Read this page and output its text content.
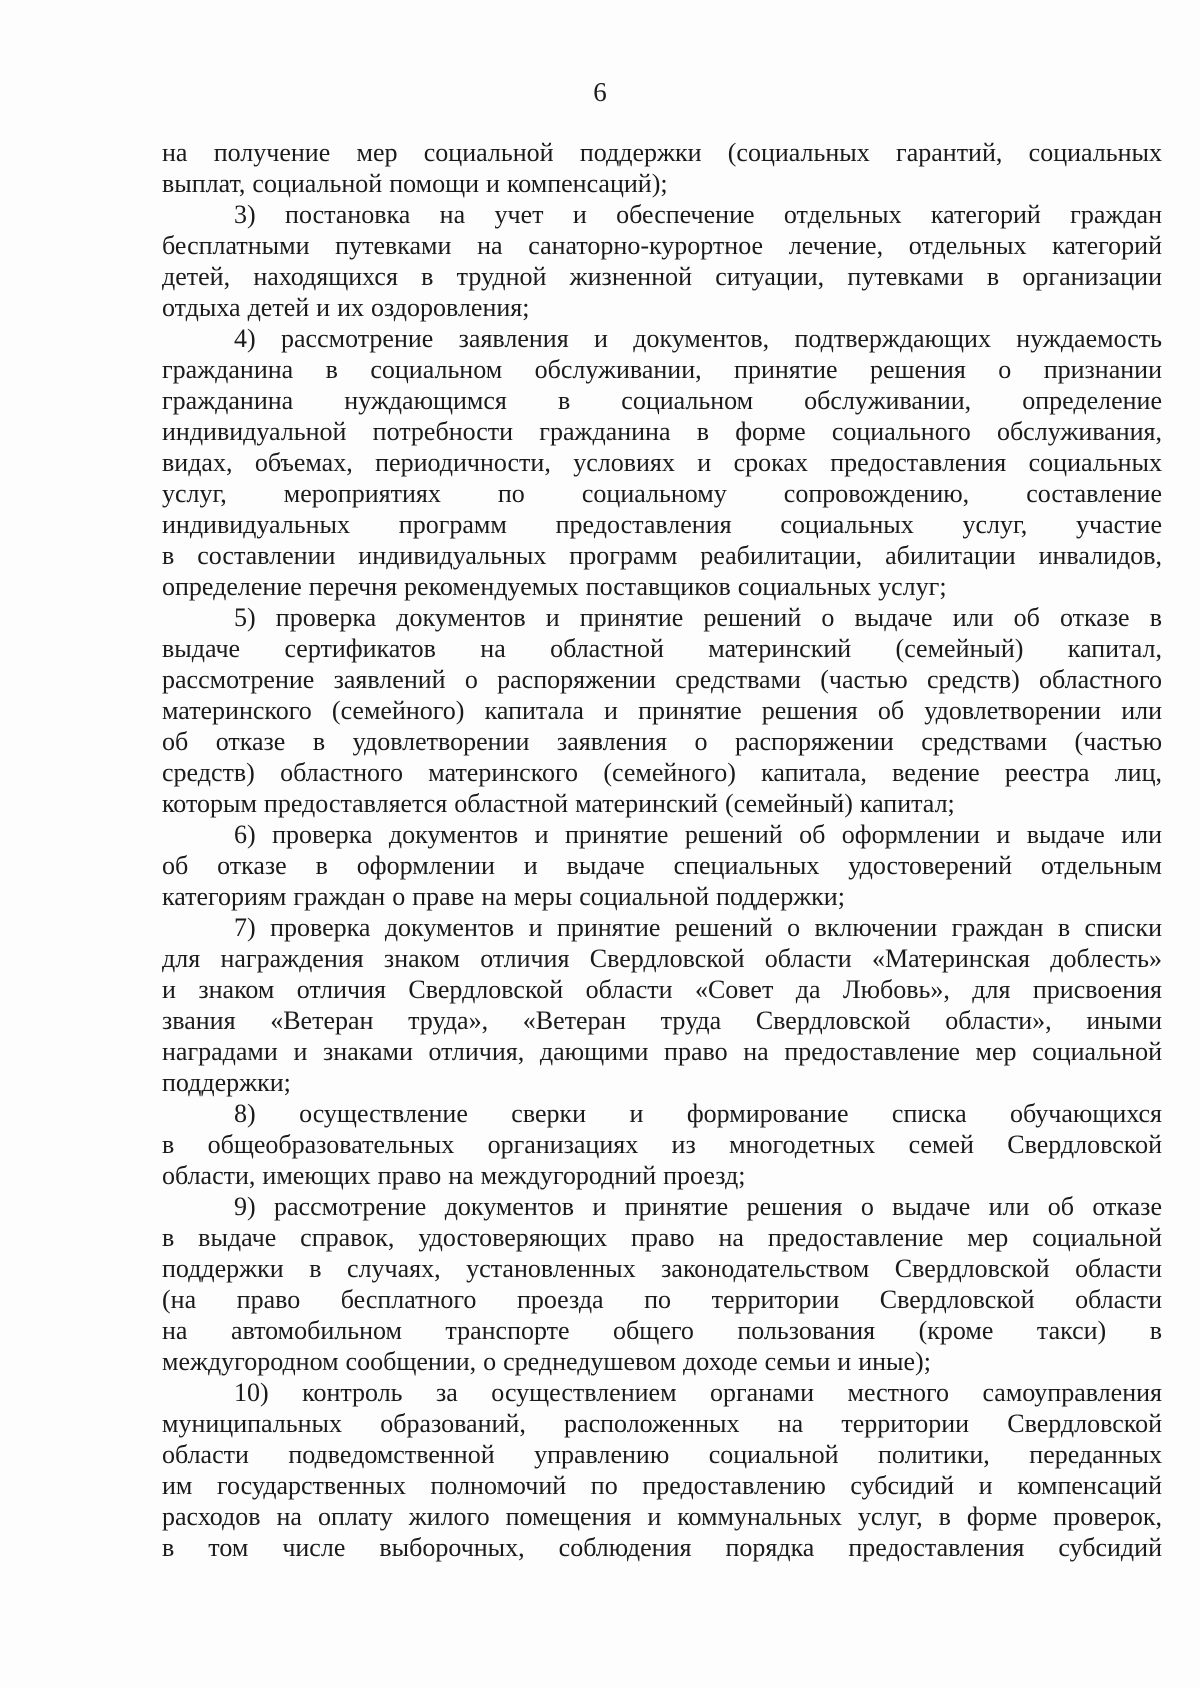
6
на получение мер социальной поддержки (социальных гарантий, социальных
выплат, социальной помощи и компенсаций);
3) постановка на учет и обеспечение отдельных категорий граждан
бесплатными путевками на санаторно-курортное лечение, отдельных категорий
детей, находящихся в трудной жизненной ситуации, путевками в организации
отдыха детей и их оздоровления;
4) рассмотрение заявления и документов, подтверждающих нуждаемость
гражданина в социальном обслуживании, принятие решения о признании
гражданина нуждающимся в социальном обслуживании, определение
индивидуальной потребности гражданина в форме социального обслуживания,
видах, объемах, периодичности, условиях и сроках предоставления социальных
услуг, мероприятиях по социальному сопровождению, составление
индивидуальных программ предоставления социальных услуг, участие
в составлении индивидуальных программ реабилитации, абилитации инвалидов,
определение перечня рекомендуемых поставщиков социальных услуг;
5) проверка документов и принятие решений о выдаче или об отказе в
выдаче сертификатов на областной материнский (семейный) капитал,
рассмотрение заявлений о распоряжении средствами (частью средств) областного
материнского (семейного) капитала и принятие решения об удовлетворении или
об отказе в удовлетворении заявления о распоряжении средствами (частью
средств) областного материнского (семейного) капитала, ведение реестра лиц,
которым предоставляется областной материнский (семейный) капитал;
6) проверка документов и принятие решений об оформлении и выдаче или
об отказе в оформлении и выдаче специальных удостоверений отдельным
категориям граждан о праве на меры социальной поддержки;
7) проверка документов и принятие решений о включении граждан в списки
для награждения знаком отличия Свердловской области «Материнская доблесть»
и знаком отличия Свердловской области «Совет да Любовь», для присвоения
звания «Ветеран труда», «Ветеран труда Свердловской области», иными
наградами и знаками отличия, дающими право на предоставление мер социальной
поддержки;
8) осуществление сверки и формирование списка обучающихся
в общеобразовательных организациях из многодетных семей Свердловской
области, имеющих право на междугородний проезд;
9) рассмотрение документов и принятие решения о выдаче или об отказе
в выдаче справок, удостоверяющих право на предоставление мер социальной
поддержки в случаях, установленных законодательством Свердловской области
(на право бесплатного проезда по территории Свердловской области
на автомобильном транспорте общего пользования (кроме такси) в
междугородном сообщении, о среднедушевом доходе семьи и иные);
10) контроль за осуществлением органами местного самоуправления
муниципальных образований, расположенных на территории Свердловской
области подведомственной управлению социальной политики, переданных
им государственных полномочий по предоставлению субсидий и компенсаций
расходов на оплату жилого помещения и коммунальных услуг, в форме проверок,
в том числе выборочных, соблюдения порядка предоставления субсидий
